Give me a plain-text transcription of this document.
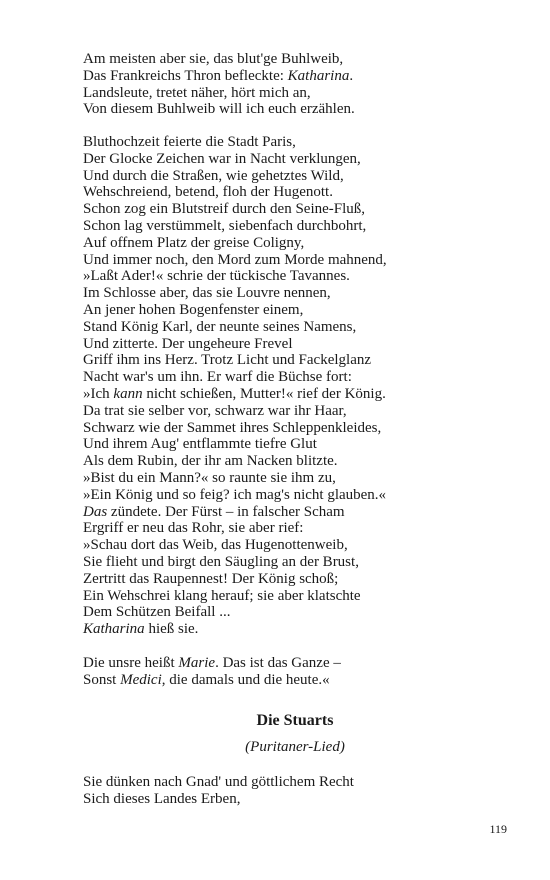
Am meisten aber sie, das blut'ge Buhlweib,
Das Frankreichs Thron befleckte: Katharina.
Landsleute, tretet näher, hört mich an,
Von diesem Buhlweib will ich euch erzählen.
Bluthochzeit feierte die Stadt Paris,
Der Glocke Zeichen war in Nacht verklungen,
Und durch die Straßen, wie gehetztes Wild,
Wehschreiend, betend, floh der Hugenott.
Schon zog ein Blutstreif durch den Seine-Fluß,
Schon lag verstümmelt, siebenfach durchbohrt,
Auf offnem Platz der greise Coligny,
Und immer noch, den Mord zum Morde mahnend,
»Laßt Ader!« schrie der tückische Tavannes.
Im Schlosse aber, das sie Louvre nennen,
An jener hohen Bogenfenster einem,
Stand König Karl, der neunte seines Namens,
Und zitterte. Der ungeheure Frevel
Griff ihm ins Herz. Trotz Licht und Fackelglanz
Nacht war's um ihn. Er warf die Büchse fort:
»Ich kann nicht schießen, Mutter!« rief der König.
Da trat sie selber vor, schwarz war ihr Haar,
Schwarz wie der Sammet ihres Schleppenkleides,
Und ihrem Aug' entflammte tiefre Glut
Als dem Rubin, der ihr am Nacken blitzte.
»Bist du ein Mann?« so raunte sie ihm zu,
»Ein König und so feig? ich mag's nicht glauben.«
Das zündete. Der Fürst – in falscher Scham
Ergriff er neu das Rohr, sie aber rief:
»Schau dort das Weib, das Hugenottenweib,
Sie flieht und birgt den Säugling an der Brust,
Zertritt das Raupennest! Der König schoß;
Ein Wehschrei klang herauf; sie aber klatschte
Dem Schützen Beifall ...
Katharina hieß sie.
Die unsre heißt Marie. Das ist das Ganze –
Sonst Medici, die damals und die heute.«
Die Stuarts
(Puritaner-Lied)
Sie dünken nach Gnad' und göttlichem Recht
Sich dieses Landes Erben,
119
